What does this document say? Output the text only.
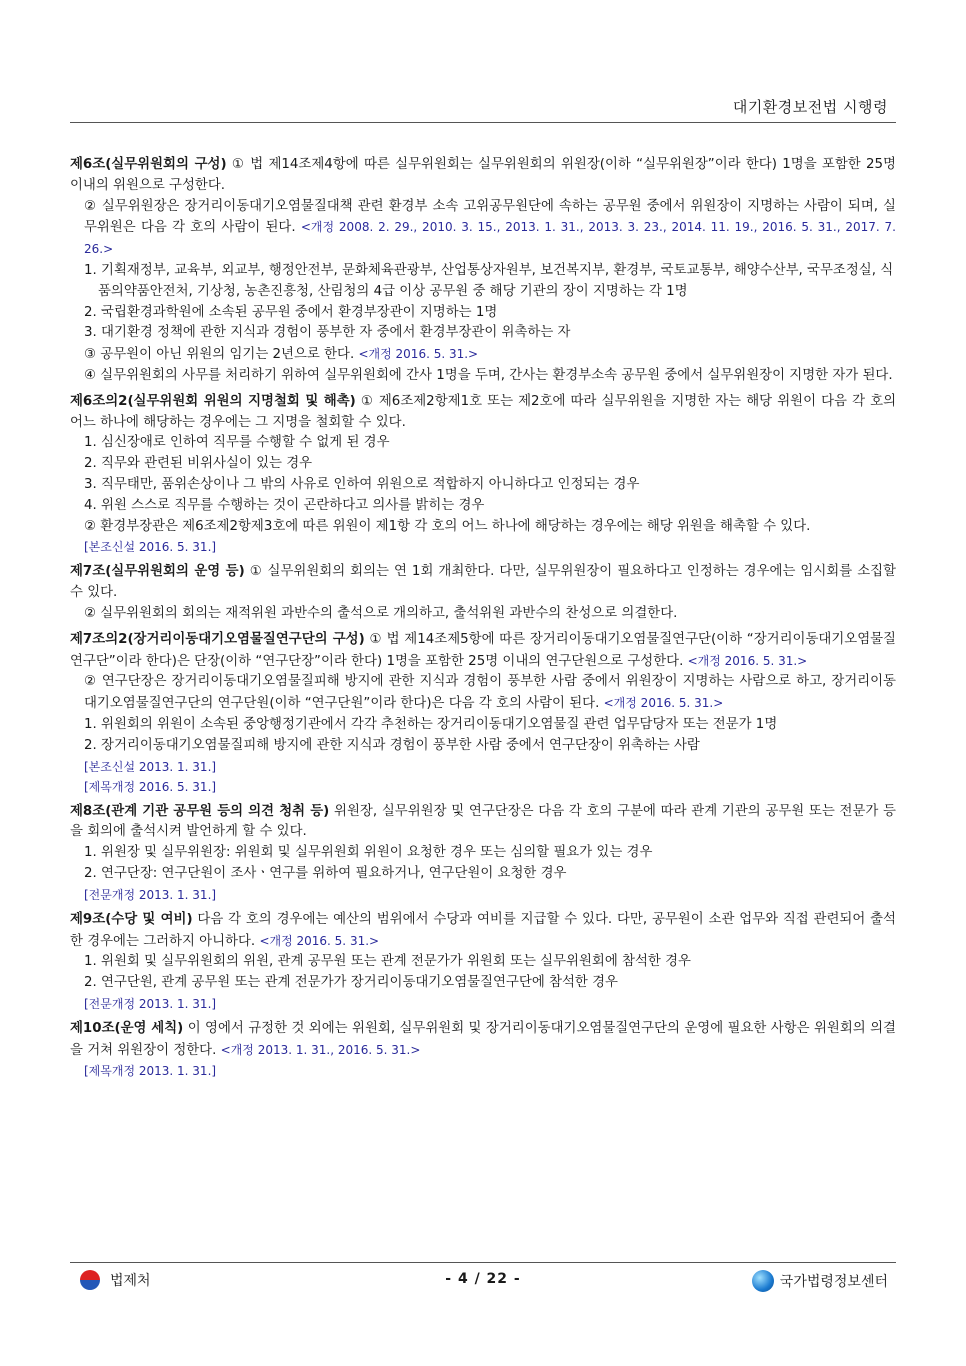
대기환경보전법 시행령

제6조(실무위원회의 구성) ① 법 제14조제4항에 따른 실무위원회는 실무위원회의 위원장(이하 “실무위원장”이라 한다) 1명을 포함한 25명 이내의 위원으로 구성한다.

② 실무위원장은 장거리이동대기오염물질대책 관련 환경부 소속 고위공무원단에 속하는 공무원 중에서 위원장이 지명하는 사람이 되며, 실무위원은 다음 각 호의 사람이 된다. <개정 2008. 2. 29., 2010. 3. 15., 2013. 1. 31., 2013. 3. 23., 2014. 11. 19., 2016. 5. 31., 2017. 7. 26.>

1. 기획재정부, 교육부, 외교부, 행정안전부, 문화체육관광부, 산업통상자원부, 보건복지부, 환경부, 국토교통부, 해양수산부, 국무조정실, 식품의약품안전처, 기상청, 농촌진흥청, 산림청의 4급 이상 공무원 중 해당 기관의 장이 지명하는 각 1명

2. 국립환경과학원에 소속된 공무원 중에서 환경부장관이 지명하는 1명

3. 대기환경 정책에 관한 지식과 경험이 풍부한 자 중에서 환경부장관이 위촉하는 자

③ 공무원이 아닌 위원의 임기는 2년으로 한다. <개정 2016. 5. 31.>

④ 실무위원회의 사무를 처리하기 위하여 실무위원회에 간사 1명을 두며, 간사는 환경부소속 공무원 중에서 실무위원장이 지명한 자가 된다.

제6조의2(실무위원회 위원의 지명철회 및 해촉) ① 제6조제2항제1호 또는 제2호에 따라 실무위원을 지명한 자는 해당 위원이 다음 각 호의 어느 하나에 해당하는 경우에는 그 지명을 철회할 수 있다.

1. 심신장애로 인하여 직무를 수행할 수 없게 된 경우

2. 직무와 관련된 비위사실이 있는 경우

3. 직무태만, 품위손상이나 그 밖의 사유로 인하여 위원으로 적합하지 아니하다고 인정되는 경우

4. 위원 스스로 직무를 수행하는 것이 곤란하다고 의사를 밝히는 경우

② 환경부장관은 제6조제2항제3호에 따른 위원이 제1항 각 호의 어느 하나에 해당하는 경우에는 해당 위원을 해촉할 수 있다.

[본조신설 2016. 5. 31.]

제7조(실무위원회의 운영 등) ① 실무위원회의 회의는 연 1회 개최한다. 다만, 실무위원장이 필요하다고 인정하는 경우에는 임시회를 소집할 수 있다.

② 실무위원회의 회의는 재적위원 과반수의 출석으로 개의하고, 출석위원 과반수의 찬성으로 의결한다.

제7조의2(장거리이동대기오염물질연구단의 구성) ① 법 제14조제5항에 따른 장거리이동대기오염물질연구단(이하 “장거리이동대기오염물질연구단”이라 한다)은 단장(이하 “연구단장”이라 한다) 1명을 포함한 25명 이내의 연구단원으로 구성한다. <개정 2016. 5. 31.>

② 연구단장은 장거리이동대기오염물질피해 방지에 관한 지식과 경험이 풍부한 사람 중에서 위원장이 지명하는 사람으로 하고, 장거리이동대기오염물질연구단의 연구단원(이하 “연구단원”이라 한다)은 다음 각 호의 사람이 된다. <개정 2016. 5. 31.>

1. 위원회의 위원이 소속된 중앙행정기관에서 각각 추천하는 장거리이동대기오염물질 관련 업무담당자 또는 전문가 1명

2. 장거리이동대기오염물질피해 방지에 관한 지식과 경험이 풍부한 사람 중에서 연구단장이 위촉하는 사람

[본조신설 2013. 1. 31.]

[제목개정 2016. 5. 31.]

제8조(관계 기관 공무원 등의 의견 청취 등) 위원장, 실무위원장 및 연구단장은 다음 각 호의 구분에 따라 관계 기관의 공무원 또는 전문가 등을 회의에 출석시켜 발언하게 할 수 있다.

1. 위원장 및 실무위원장: 위원회 및 실무위원회 위원이 요청한 경우 또는 심의할 필요가 있는 경우

2. 연구단장: 연구단원이 조사ㆍ연구를 위하여 필요하거나, 연구단원이 요청한 경우

[전문개정 2013. 1. 31.]

제9조(수당 및 여비) 다음 각 호의 경우에는 예산의 범위에서 수당과 여비를 지급할 수 있다. 다만, 공무원이 소관 업무와 직접 관련되어 출석한 경우에는 그러하지 아니하다. <개정 2016. 5. 31.>

1. 위원회 및 실무위원회의 위원, 관계 공무원 또는 관계 전문가가 위원회 또는 실무위원회에 참석한 경우

2. 연구단원, 관계 공무원 또는 관계 전문가가 장거리이동대기오염물질연구단에 참석한 경우

[전문개정 2013. 1. 31.]

제10조(운영 세칙) 이 영에서 규정한 것 외에는 위원회, 실무위원회 및 장거리이동대기오염물질연구단의 운영에 필요한 사항은 위원회의 의결을 거쳐 위원장이 정한다. <개정 2013. 1. 31., 2016. 5. 31.>

[제목개정 2013. 1. 31.]

법제처	- 4 / 22 -	국가법령정보센터
